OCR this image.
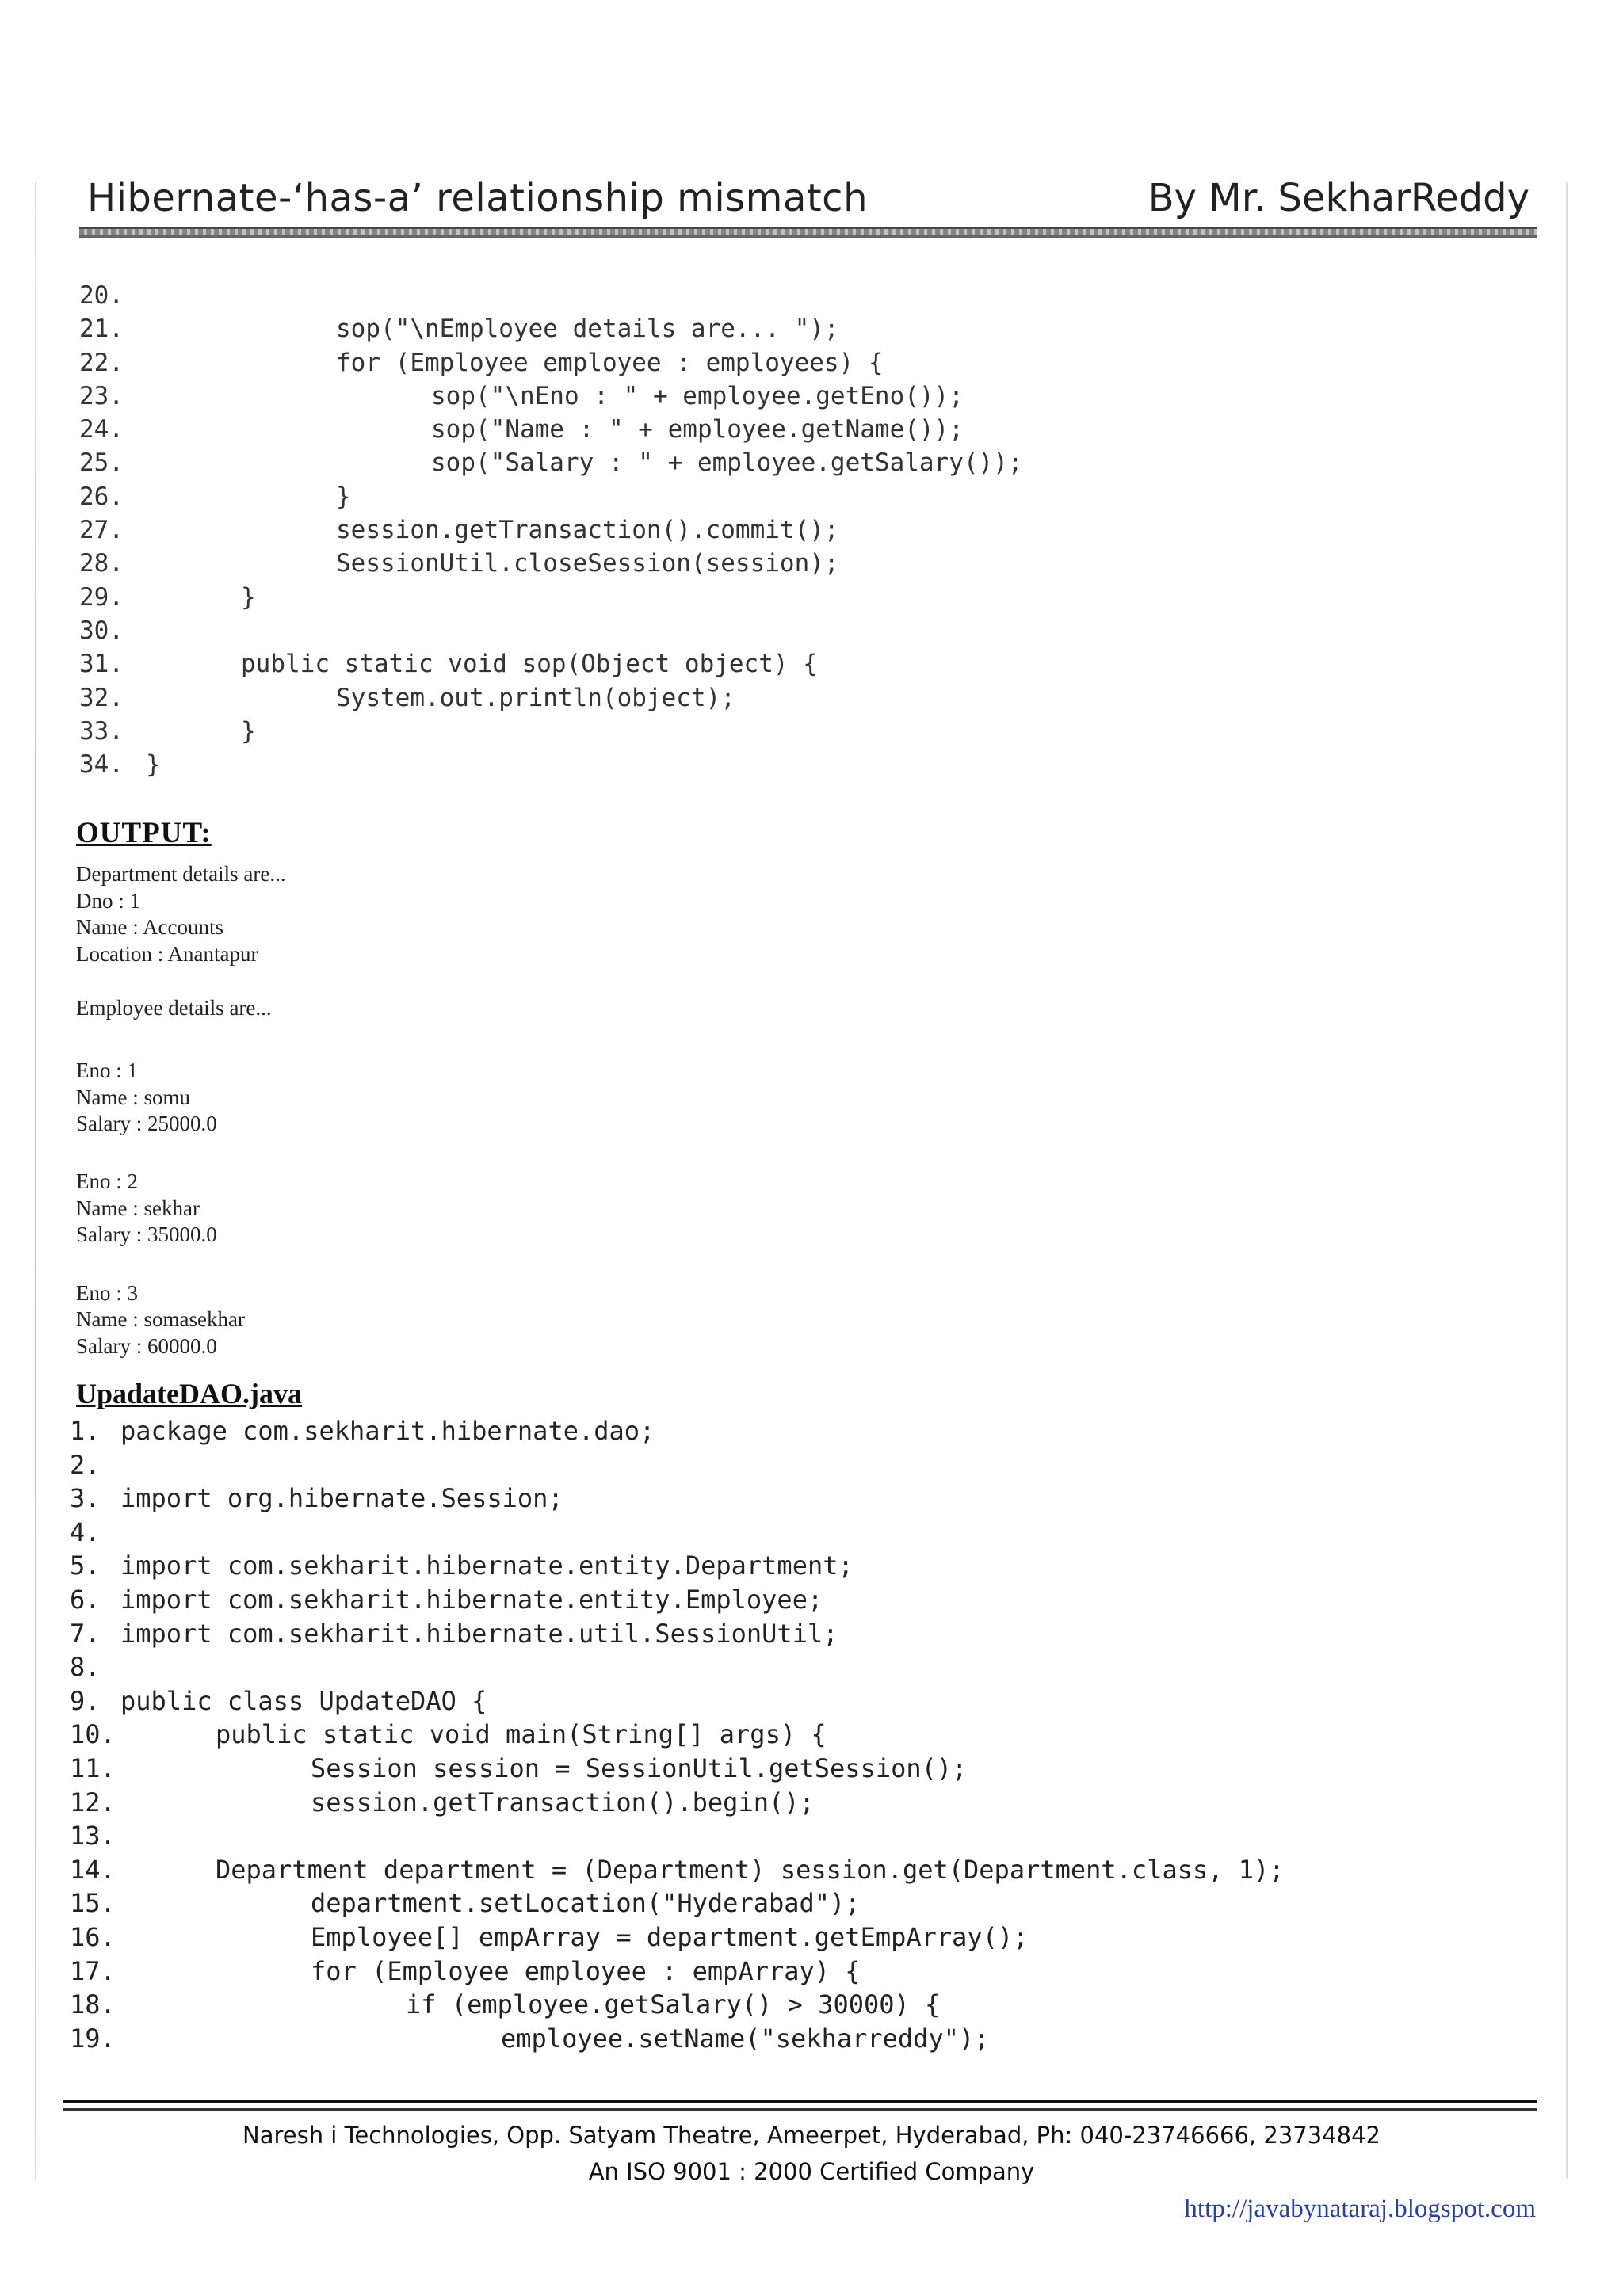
Hibernate-‘has-a’ relationship mismatch	By Mr. SekharReddy
20.
21.	sop("\nEmployee details are... ");
22.	for (Employee employee : employees) {
23.	sop("\nEno : " + employee.getEno());
24.	sop("Name : " + employee.getName());
25.	sop("Salary : " + employee.getSalary());
26.	}
27.	session.getTransaction().commit();
28.	SessionUtil.closeSession(session);
29.	}
30.
31.	public static void sop(Object object) {
32.	System.out.println(object);
33.	}
34. }
OUTPUT:
Department details are...
Dno : 1
Name : Accounts
Location : Anantapur
Employee details are...
Eno : 1
Name : somu
Salary : 25000.0
Eno : 2
Name : sekhar
Salary : 35000.0
Eno : 3
Name : somasekhar
Salary : 60000.0
UpadateDAO.java
1. package com.sekharit.hibernate.dao;
2.
3. import org.hibernate.Session;
4.
5. import com.sekharit.hibernate.entity.Department;
6. import com.sekharit.hibernate.entity.Employee;
7. import com.sekharit.hibernate.util.SessionUtil;
8.
9. public class UpdateDAO {
10.	public static void main(String[] args) {
11.	Session session = SessionUtil.getSession();
12.	session.getTransaction().begin();
13.
14.	Department department = (Department) session.get(Department.class, 1);
15.	department.setLocation("Hyderabad");
16.	Employee[] empArray = department.getEmpArray();
17.	for (Employee employee : empArray) {
18.	if (employee.getSalary() > 30000) {
19.	employee.setName("sekharreddy");
Naresh i Technologies, Opp. Satyam Theatre, Ameerpet, Hyderabad, Ph: 040-23746666, 23734842
An ISO 9001 : 2000 Certified Company
http://javabynataraj.blogspot.com
